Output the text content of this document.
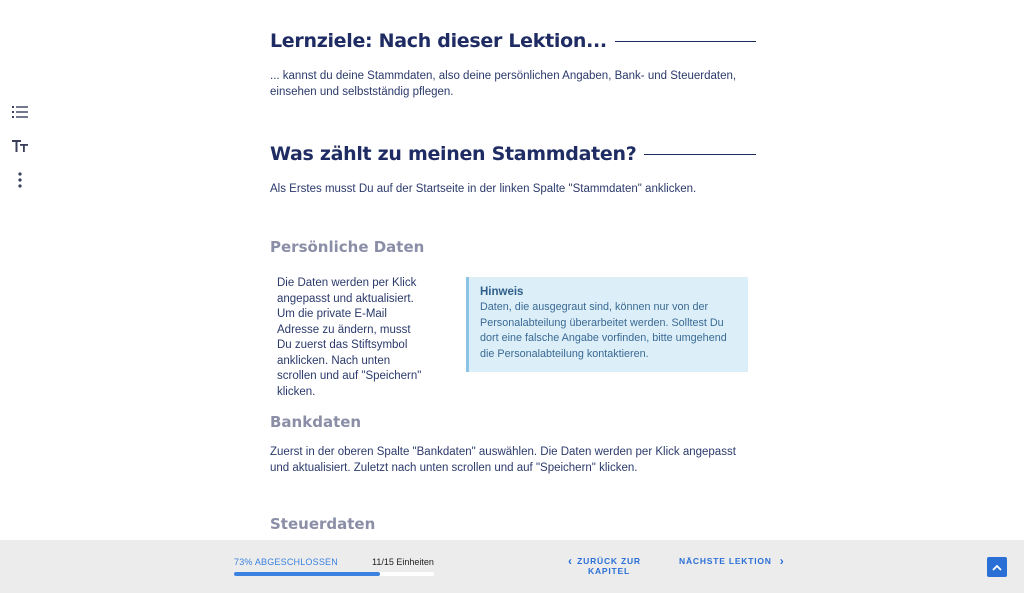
Lernziele: Nach dieser Lektion...
... kannst du deine Stammdaten, also deine persönlichen Angaben, Bank- und Steuerdaten, einsehen und selbstständig pflegen.
Was zählt zu meinen Stammdaten?
Als Erstes musst Du auf der Startseite in der linken Spalte "Stammdaten" anklicken.
Persönliche Daten
Die Daten werden per Klick angepasst und aktualisiert. Um die private E-Mail Adresse zu ändern, musst Du zuerst das Stiftsymbol anklicken. Nach unten scrollen und auf "Speichern" klicken.
Hinweis
Daten, die ausgegraut sind, können nur von der Personalabteilung überarbeitet werden. Solltest Du dort eine falsche Angabe vorfinden, bitte umgehend die Personalabteilung kontaktieren.
Bankdaten
Zuerst in der oberen Spalte "Bankdaten" auswählen. Die Daten werden per Klick angepasst und aktualisiert. Zuletzt nach unten scrollen und auf "Speichern" klicken.
Steuerdaten
73% ABGESCHLOSSEN	11/15 Einheiten	‹ ZURÜCK ZUR KAPITEL
NÄCHSTE LEKTION ›
